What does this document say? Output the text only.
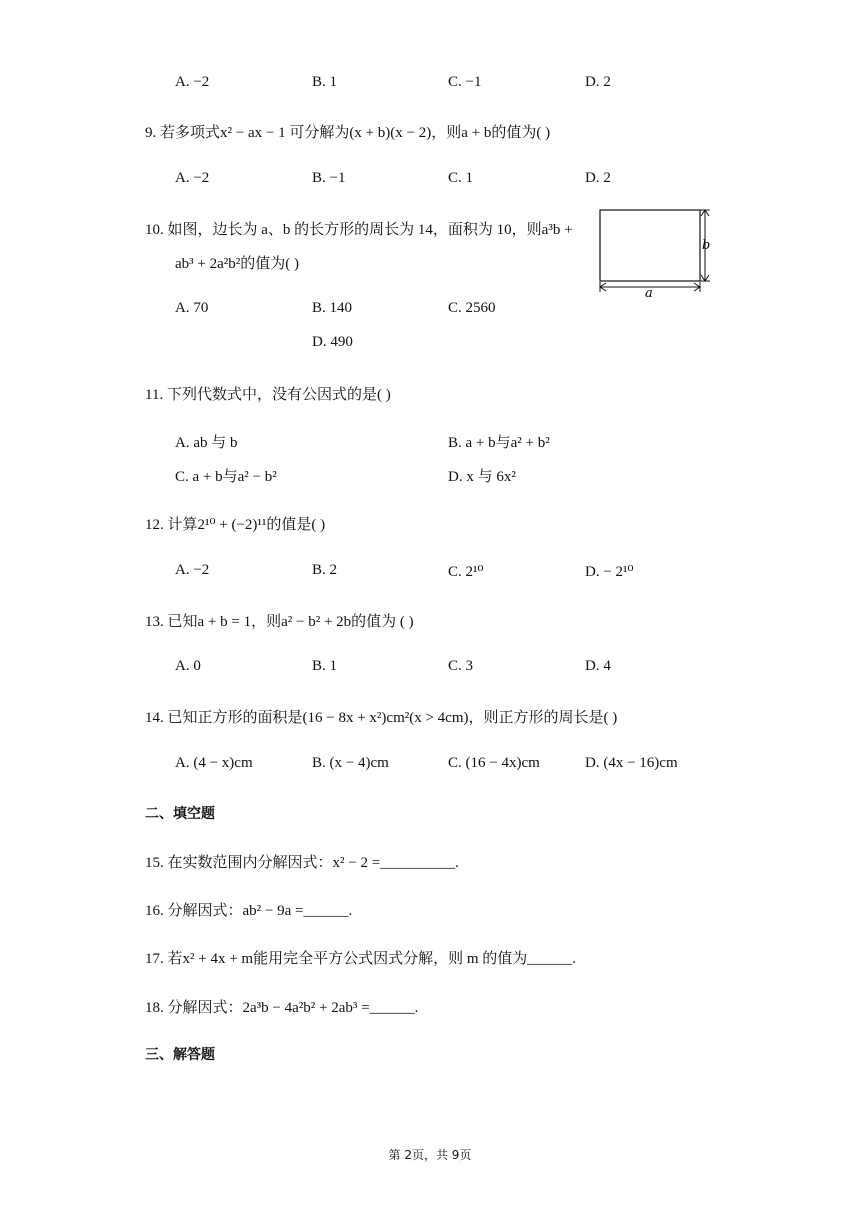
A. −2	B. 1	C. −1	D. 2
9. 若多项式x² − ax − 1 可分解为(x + b)(x − 2)，则a + b的值为( )
A. −2	B. −1	C. 1	D. 2
10. 如图，边长为 a、b 的长方形的周长为 14，面积为 10，则a³b +
ab³ + 2a²b²的值为( )
A. 70	B. 140	C. 2560
D. 490
b
a
11. 下列代数式中，没有公因式的是( )
A. ab 与 b	B. a + b与a² + b²
C. a + b与a² − b²	D. x 与 6x²
12. 计算2¹⁰ + (−2)¹¹的值是( )
A. −2	B. 2	C. 2¹⁰	D. − 2¹⁰
13. 已知a + b = 1，则a² − b² + 2b的值为 ( )
A. 0	B. 1	C. 3	D. 4
14. 已知正方形的面积是(16 − 8x + x²)cm²(x > 4cm)，则正方形的周长是( )
A. (4 − x)cm	B. (x − 4)cm	C. (16 − 4x)cm	D. (4x − 16)cm
二、填空题
15. 在实数范围内分解因式：x² − 2 =__________.
16. 分解因式：ab² − 9a =______.
17. 若x² + 4x + m能用完全平方公式因式分解，则 m 的值为______.
18. 分解因式：2a³b − 4a²b² + 2ab³ =______.
三、解答题
第 2页，共 9页
